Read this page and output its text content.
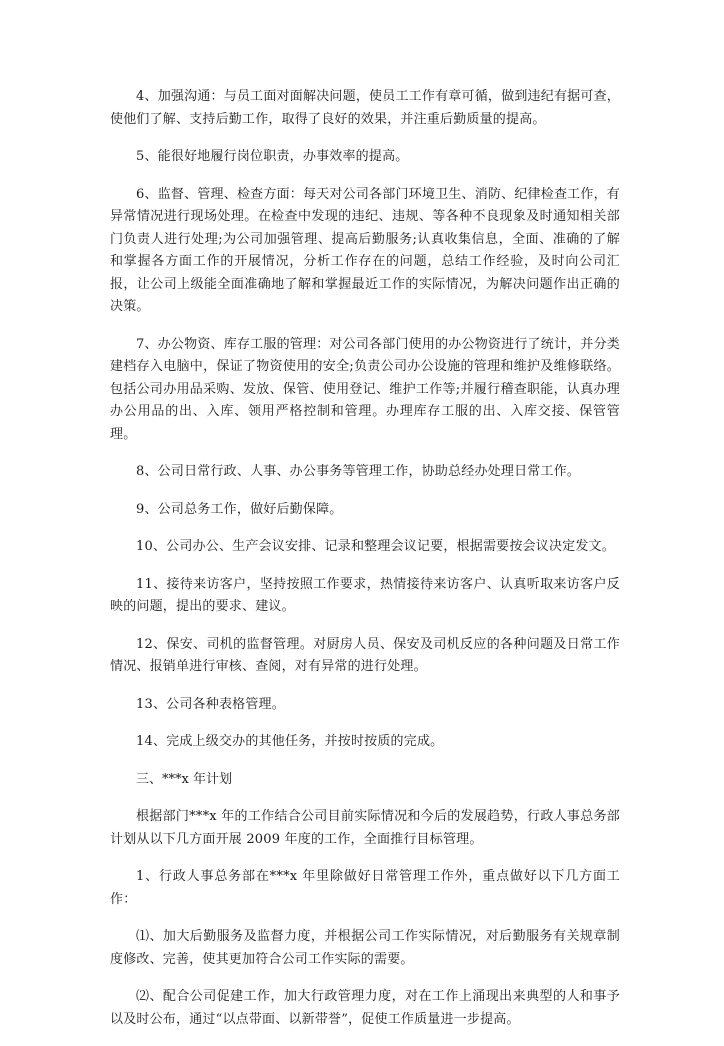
4、加强沟通：与员工面对面解决问题，使员工工作有章可循，做到违纪有据可查，使他们了解、支持后勤工作，取得了良好的效果，并注重后勤质量的提高。

5、能很好地履行岗位职责，办事效率的提高。

6、监督、管理、检查方面：每天对公司各部门环境卫生、消防、纪律检查工作，有异常情况进行现场处理。在检查中发现的违纪、违规、等各种不良现象及时通知相关部门负责人进行处理;为公司加强管理、提高后勤服务;认真收集信息，全面、准确的了解和掌握各方面工作的开展情况，分析工作存在的问题，总结工作经验，及时向公司汇报，让公司上级能全面准确地了解和掌握最近工作的实际情况，为解决问题作出正确的决策。

7、办公物资、库存工服的管理：对公司各部门使用的办公物资进行了统计，并分类建档存入电脑中，保证了物资使用的安全;负责公司办公设施的管理和维护及维修联络。包括公司办用品采购、发放、保管、使用登记、维护工作等;并履行稽查职能，认真办理办公用品的出、入库、领用严格控制和管理。办理库存工服的出、入库交接、保管管理。

8、公司日常行政、人事、办公事务等管理工作，协助总经办处理日常工作。

9、公司总务工作，做好后勤保障。

10、公司办公、生产会议安排、记录和整理会议记要，根据需要按会议决定发文。

11、接待来访客户，坚持按照工作要求，热情接待来访客户、认真听取来访客户反映的问题，提出的要求、建议。

12、保安、司机的监督管理。对厨房人员、保安及司机反应的各种问题及日常工作情况、报销单进行审核、查阅，对有异常的进行处理。

13、公司各种表格管理。

14、完成上级交办的其他任务，并按时按质的完成。

三、***x 年计划

根据部门***x 年的工作结合公司目前实际情况和今后的发展趋势，行政人事总务部计划从以下几方面开展 2009 年度的工作，全面推行目标管理。

1、行政人事总务部在***x 年里除做好日常管理工作外，重点做好以下几方面工作：

⑴、加大后勤服务及监督力度，并根据公司工作实际情况，对后勤服务有关规章制度修改、完善，使其更加符合公司工作实际的需要。

⑵、配合公司促建工作，加大行政管理力度，对在工作上涌现出来典型的人和事予以及时公布，通过“以点带面、以新带誉”，促使工作质量进一步提高。
